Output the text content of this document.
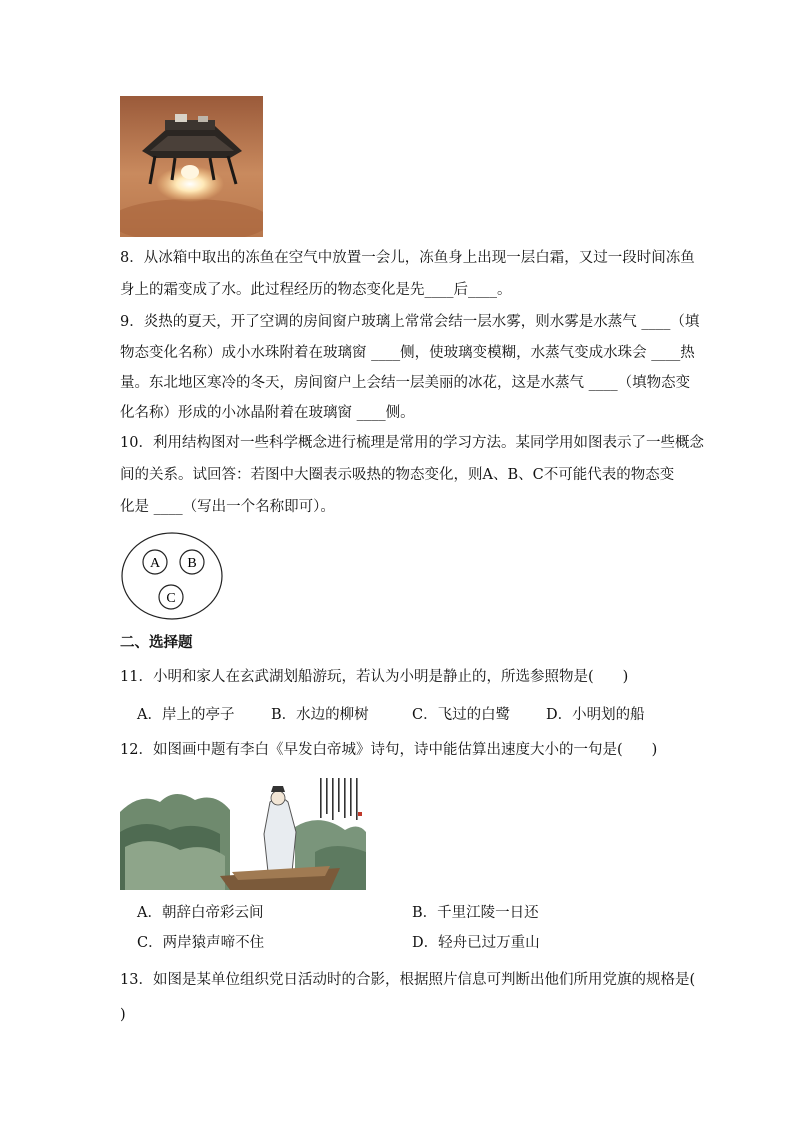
8．从冰箱中取出的冻鱼在空气中放置一会儿，冻鱼身上出现一层白霜，又过一段时间冻鱼
身上的霜变成了水。此过程经历的物态变化是先____后____。
9．炎热的夏天，开了空调的房间窗户玻璃上常常会结一层水雾，则水雾是水蒸气 ____（填
物态变化名称）成小水珠附着在玻璃窗 ____侧，使玻璃变模糊，水蒸气变成水珠会 ____热
量。东北地区寒冷的冬天，房间窗户上会结一层美丽的冰花，这是水蒸气 ____（填物态变
化名称）形成的小冰晶附着在玻璃窗 ____侧。
10．利用结构图对一些科学概念进行梳理是常用的学习方法。某同学用如图表示了一些概念
间的关系。试回答：若图中大圈表示吸热的物态变化，则A、B、C不可能代表的物态变
化是 ____（写出一个名称即可）。
A B
C
二、选择题
11．小明和家人在玄武湖划船游玩，若认为小明是静止的，所选参照物是(　　)
A．岸上的亭子	B．水边的柳树	C．飞过的白鹭 D．小明划的船
12．如图画中题有李白《早发白帝城》诗句，诗中能估算出速度大小的一句是(　　)
A．朝辞白帝彩云间	B．千里江陵一日还
C．两岸猿声啼不住	D．轻舟已过万重山
13．如图是某单位组织党日活动时的合影，根据照片信息可判断出他们所用党旗的规格是(
)
